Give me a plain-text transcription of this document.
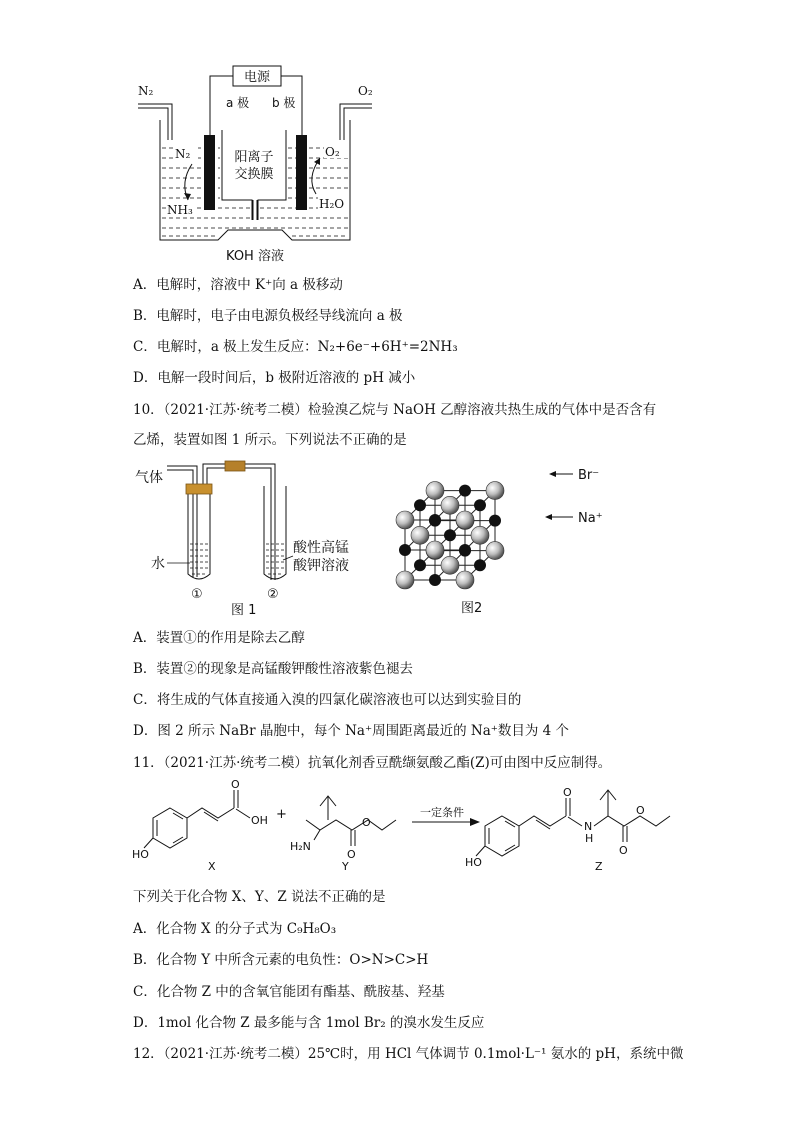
电源
N₂	O₂
a 极 b 极
阳离子
交换膜
N₂
NH₃
O₂
H₂O
KOH 溶液
A．电解时，溶液中 K⁺向 a 极移动
B．电解时，电子由电源负极经导线流向 a 极
C．电解时，a 极上发生反应：N₂+6e⁻+6H⁺=2NH₃
D．电解一段时间后，b 极附近溶液的 pH 减小
10．（2021·江苏·统考二模）检验溴乙烷与 NaOH 乙醇溶液共热生成的气体中是否含有
乙烯，装置如图 1 所示。下列说法不正确的是
气体
水
酸性高锰
酸钾溶液
①	②
图 1
Br⁻
Na⁺
图2
A．装置①的作用是除去乙醇
B．装置②的现象是高锰酸钾酸性溶液紫色褪去
C．将生成的气体直接通入溴的四氯化碳溶液也可以达到实验目的
D．图 2 所示 NaBr 晶胞中，每个 Na⁺周围距离最近的 Na⁺数目为 4 个
11．（2021·江苏·统考二模）抗氧化剂香豆酰缬氨酸乙酯(Z)可由图中反应制得。
HO
O
OH
X
+
H₂N
O
O
Y
一定条件
HO
O
N
H
O
O
Z
下列关于化合物 X、Y、Z 说法不正确的是
A．化合物 X 的分子式为 C₉H₈O₃
B．化合物 Y 中所含元素的电负性：O>N>C>H
C．化合物 Z 中的含氧官能团有酯基、酰胺基、羟基
D．1mol 化合物 Z 最多能与含 1mol Br₂ 的溴水发生反应
12．（2021·江苏·统考二模）25℃时，用 HCl 气体调节 0.1mol·L⁻¹ 氨水的 pH，系统中微
